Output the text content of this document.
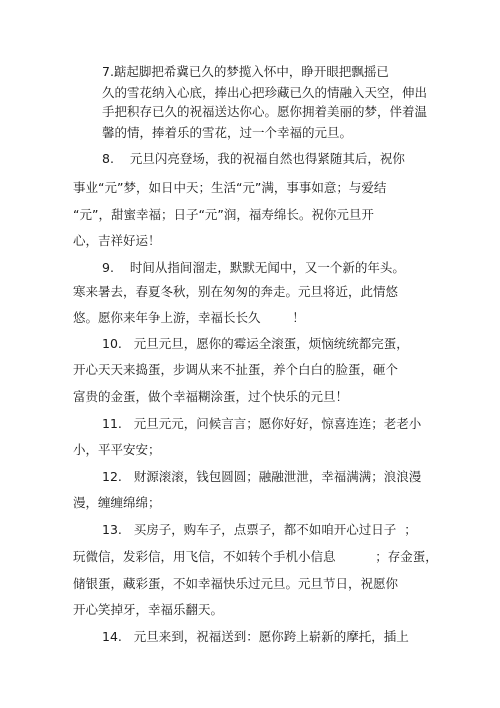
7.踮起脚把希冀已久的梦揽入怀中，睁开眼把飘摇已
久的雪花纳入心底，捧出心把珍藏已久的情融入天空，伸出
手把积存已久的祝福送达你心。愿你拥着美丽的梦，伴着温
馨的情，捧着乐的雪花，过一个幸福的元旦。
8.    元旦闪亮登场，我的祝福自然也得紧随其后，祝你
事业“元”梦，如日中天；生活“元”满，事事如意；与爱结
“元”，甜蜜幸福；日子“元”润，福寿绵长。祝你元旦开
心，吉祥好运！
9.    时间从指间溜走，默默无闻中，又一个新的年头。
寒来暑去，春夏冬秋，别在匆匆的奔走。元旦将近，此情悠
悠。愿你来年争上游，幸福长长久        ！
10.   元旦元旦，愿你的霉运全滚蛋，烦恼统统都完蛋，
开心天天来捣蛋，步调从来不扯蛋，养个白白的脸蛋，砸个
富贵的金蛋，做个幸福糊涂蛋，过个快乐的元旦！
11.   元旦元元，问候言言；愿你好好，惊喜连连；老老小
小，平平安安；
12.   财源滚滚，钱包圆圆；融融泄泄，幸福满满；浪浪漫
漫，缠缠绵绵；
13.   买房子，购车子，点票子，都不如咱开心过日子  ；
玩微信，发彩信，用飞信，不如转个手机小信息          ；存金蛋，
储银蛋，藏彩蛋，不如幸福快乐过元旦。元旦节日，祝愿你
开心笑掉牙，幸福乐翻天。
14.   元旦来到，祝福送到：愿你跨上崭新的摩托，插上
